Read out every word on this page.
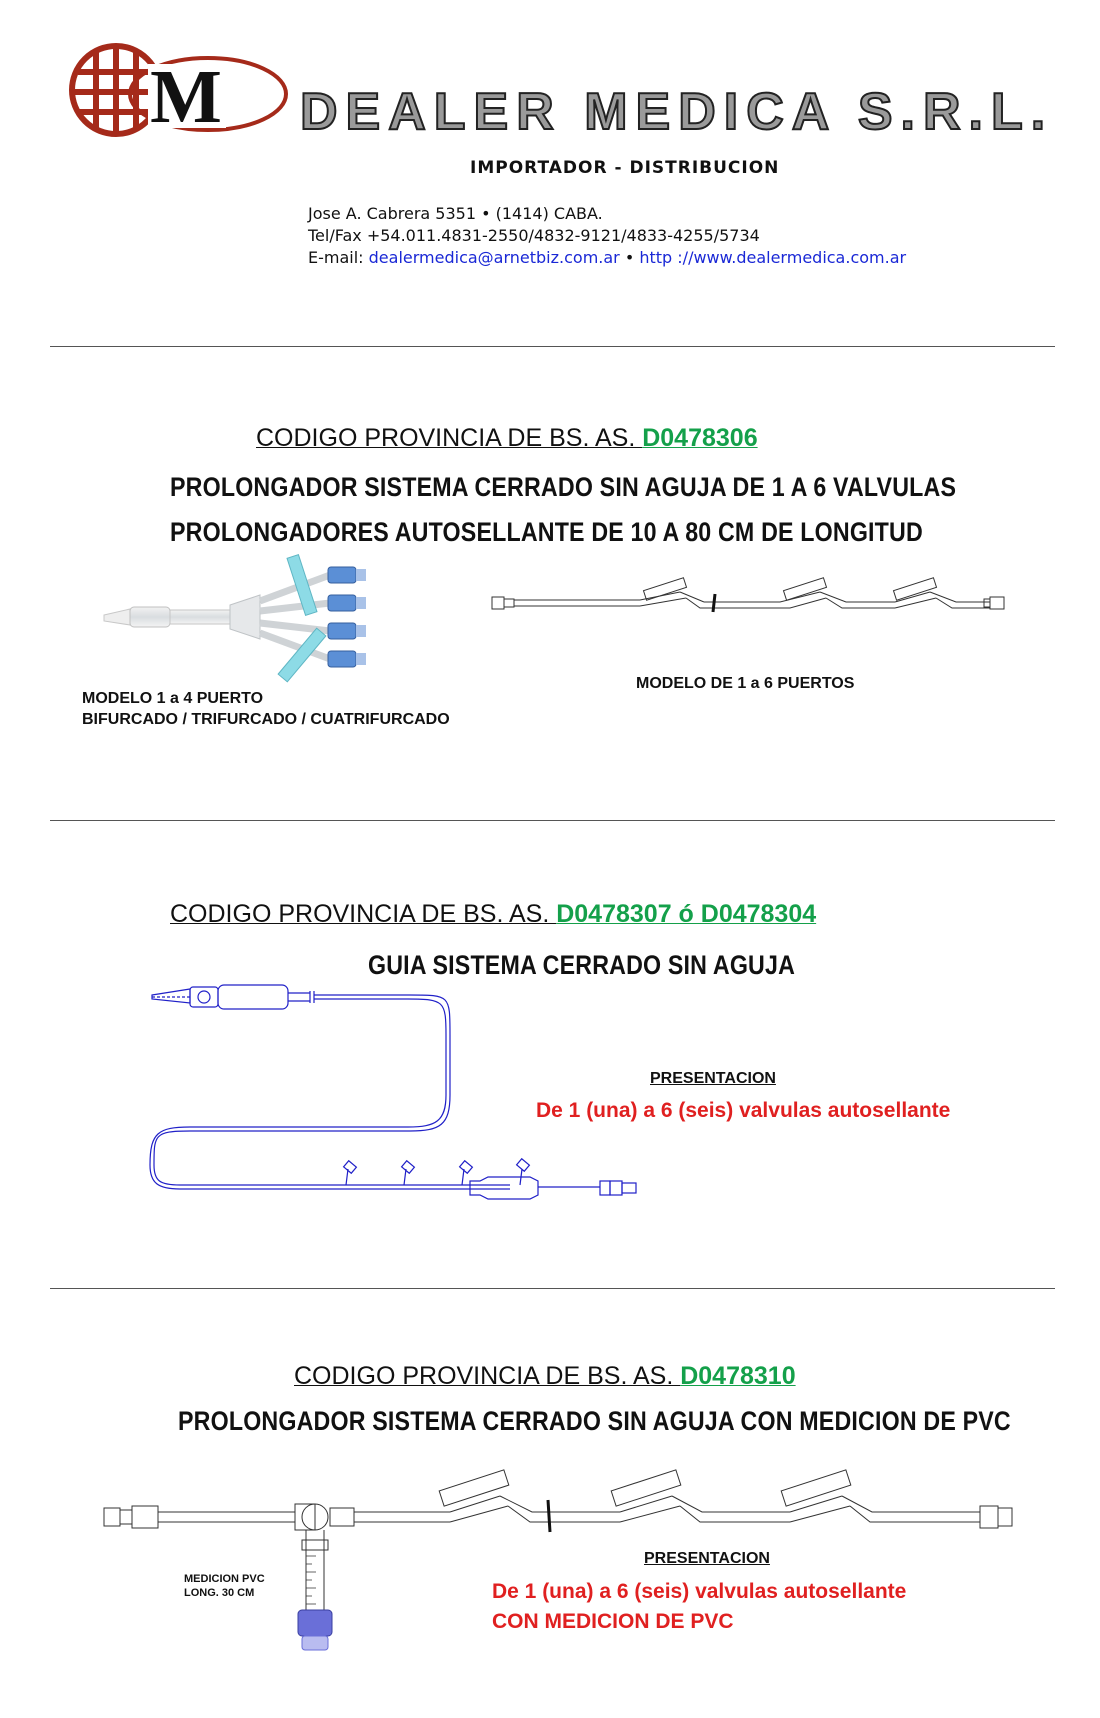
M DEALER MEDICA S.R.L.
IMPORTADOR - DISTRIBUCION
Jose A. Cabrera 5351 • (1414) CABA.
Tel/Fax +54.011.4831-2550/4832-9121/4833-4255/5734
E-mail: dealermedica@arnetbiz.com.ar • http ://www.dealermedica.com.ar
CODIGO PROVINCIA DE BS. AS. D0478306
PROLONGADOR SISTEMA CERRADO SIN AGUJA DE 1 A 6 VALVULAS
PROLONGADORES AUTOSELLANTE DE 10 A 80 CM DE LONGITUD
MODELO 1 a 4 PUERTO
BIFURCADO / TRIFURCADO / CUATRIFURCADO
MODELO DE 1 a 6 PUERTOS
CODIGO PROVINCIA DE BS. AS. D0478307 ó D0478304
GUIA SISTEMA CERRADO SIN AGUJA
PRESENTACION
De 1 (una) a 6 (seis) valvulas autosellante
CODIGO PROVINCIA DE BS. AS. D0478310
PROLONGADOR SISTEMA CERRADO SIN AGUJA CON MEDICION DE PVC
MEDICION PVC
LONG. 30 CM
PRESENTACION
De 1 (una) a 6 (seis) valvulas autosellante
CON MEDICION DE PVC
